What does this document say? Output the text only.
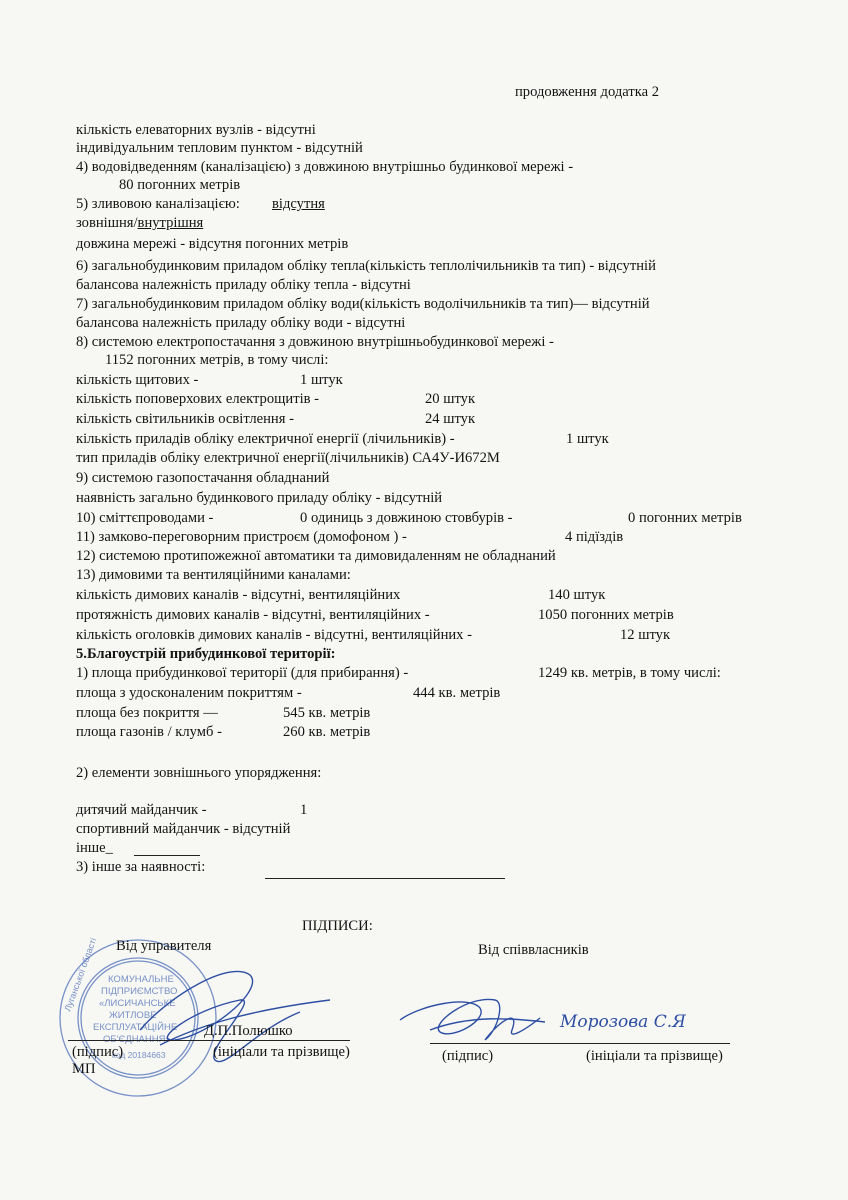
КОМУНАЛЬНЕ
ПІДПРИЄМСТВО
«ЛИСИЧАНСЬКЕ
ЖИТЛОВЕ
ЕКСПЛУАТАЦІЙНЕ
ОБ'ЄДНАННЯ»
код 20184663
Луганської області
продовження додатка 2
кількість елеваторних вузлів - відсутні
індивідуальним тепловим пунктом - відсутній
4) водовідведенням (каналізацією) з довжиною внутрішньо будинкової мережі -
80 погонних метрів
5) зливовою каналізацією: відсутня
зовнішня/внутрішня
довжина мережі - відсутня погонних метрів
6) загальнобудинковим приладом обліку тепла(кількість теплолічильників та тип) - відсутній
балансова належність приладу обліку тепла - відсутні
7) загальнобудинковим приладом обліку води(кількість водолічильників та тип)— відсутній
балансова належність приладу обліку води - відсутні
8) системою електропостачання з довжиною внутрішньобудинкової мережі -
1152 погонних метрів, в тому числі:
кількість щитових -	1 штук
кількість поповерхових електрощитів -	20 штук
кількість світильників освітлення -	24 штук
кількість приладів обліку електричної енергії (лічильників) -	1 штук
тип приладів обліку електричної енергії(лічильників) СА4У-И672М
9) системою газопостачання обладнаний
наявність загально будинкового приладу обліку - відсутній
10) сміттєпроводами -	0 одиниць з довжиною стовбурів -	0 погонних метрів
11) замково-переговорним пристроєм (домофоном ) -	4 підїздів
12) системою протипожежної автоматики та димовидаленням не обладнаний
13) димовими та вентиляційними каналами:
кількість димових каналів - відсутні, вентиляційних	140 штук
протяжність димових каналів - відсутні, вентиляційних -	1050 погонних метрів
кількість оголовків димових каналів - відсутні, вентиляційних -	12 штук
5.Благоустрій прибудинкової території:
1) площа прибудинкової території (для прибирання) -	1249 кв. метрів, в тому числі:
площа з удосконаленим покриттям -	444 кв. метрів
площа без покриття —	545 кв. метрів
площа газонів / клумб -	260 кв. метрів
2) елементи зовнішнього упорядження:
дитячий майданчик -	1
спортивний майданчик - відсутній
інше_
3) інше за наявності:
ПІДПИСИ:
Від управителя	Від співвласників
Д.П.Полюшко	Морозова С.Я
(підпис)	(ініціали та прізвище)	(підпис)	(ініціали та прізвище)
МП
